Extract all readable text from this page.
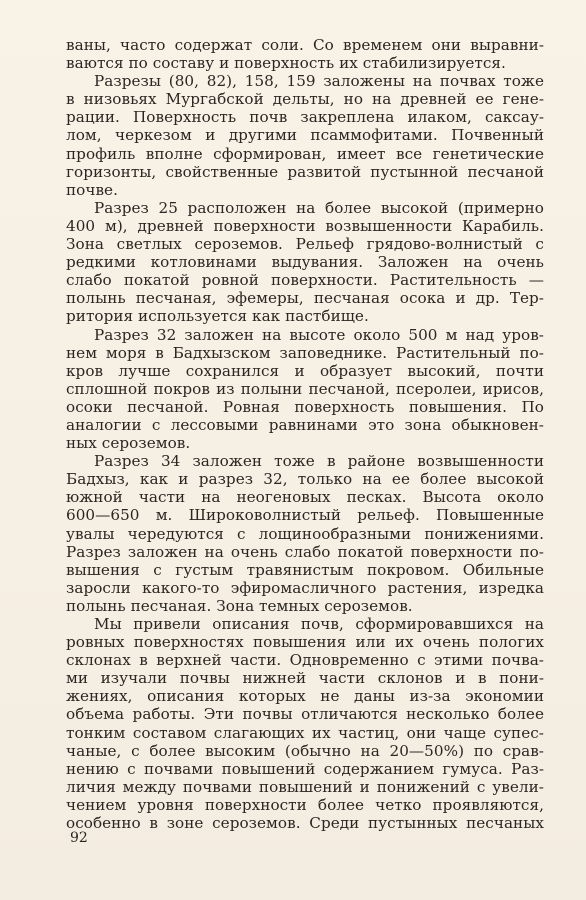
ваны, часто содержат соли. Со временем они выравни-
ваются по составу и поверхность их стабилизируется.
Разрезы (80, 82), 158, 159 заложены на почвах тоже
в низовьях Мургабской дельты, но на древней ее гене-
рации. Поверхность почв закреплена илаком, саксау-
лом, черкезом и другими псаммофитами. Почвенный
профиль вполне сформирован, имеет все генетические
горизонты, свойственные развитой пустынной песчаной
почве.
Разрез 25 расположен на более высокой (примерно
400 м), древней поверхности возвышенности Карабиль.
Зона светлых сероземов. Рельеф грядово-волнистый с
редкими котловинами выдувания. Заложен на очень
слабо покатой ровной поверхности. Растительность —
полынь песчаная, эфемеры, песчаная осока и др. Тер-
ритория используется как пастбище.
Разрез 32 заложен на высоте около 500 м над уров-
нем моря в Бадхызском заповеднике. Растительный по-
кров лучше сохранился и образует высокий, почти
сплошной покров из полыни песчаной, псеролеи, ирисов,
осоки песчаной. Ровная поверхность повышения. По
аналогии с лессовыми равнинами это зона обыкновен-
ных сероземов.
Разрез 34 заложен тоже в районе возвышенности
Бадхыз, как и разрез 32, только на ее более высокой
южной части на неогеновых песках. Высота около
600—650 м. Широковолнистый рельеф. Повышенные
увалы чередуются с лощинообразными понижениями.
Разрез заложен на очень слабо покатой поверхности по-
вышения с густым травянистым покровом. Обильные
заросли какого-то эфиромасличного растения, изредка
полынь песчаная. Зона темных сероземов.
Мы привели описания почв, сформировавшихся на
ровных поверхностях повышения или их очень пологих
склонах в верхней части. Одновременно с этими почва-
ми изучали почвы нижней части склонов и в пони-
жениях, описания которых не даны из-за экономии
объема работы. Эти почвы отличаются несколько более
тонким составом слагающих их частиц, они чаще супес-
чаные, с более высоким (обычно на 20—50%) по срав-
нению с почвами повышений содержанием гумуса. Раз-
личия между почвами повышений и понижений с увели-
чением уровня поверхности более четко проявляются,
особенно в зоне сероземов. Среди пустынных песчаных
92
